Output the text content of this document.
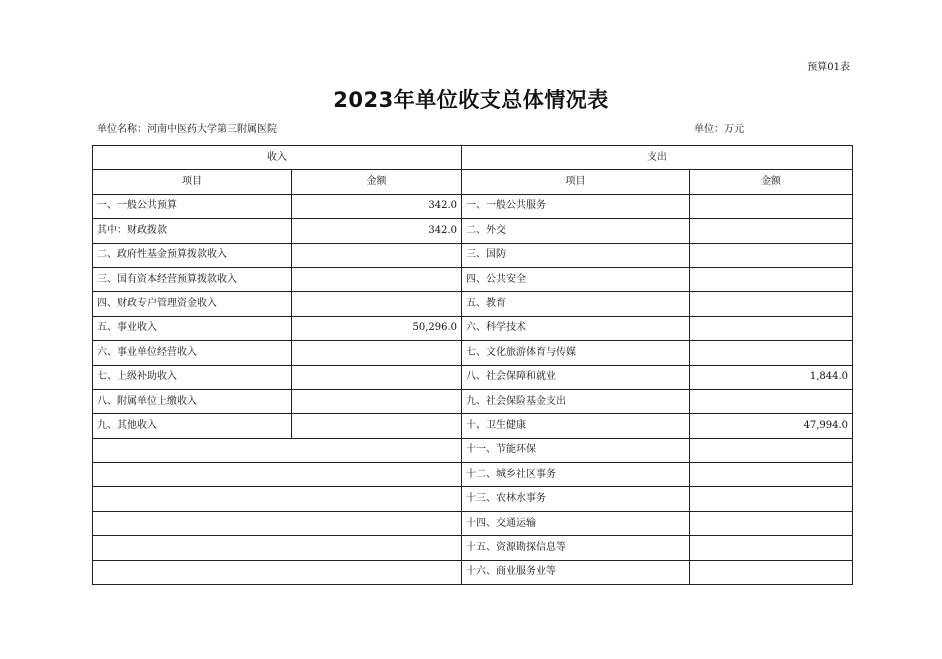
预算01表
2023年单位收支总体情况表
单位名称：河南中医药大学第三附属医院	单位：万元
收入		支出	
项目	金额	项目	金额
一、一般公共预算	342.0	一、一般公共服务	
其中：财政拨款	342.0	二、外交	
二、政府性基金预算拨款收入		三、国防	
三、国有资本经营预算拨款收入		四、公共安全	
四、财政专户管理资金收入		五、教育	
五、事业收入	50,296.0	六、科学技术	
六、事业单位经营收入		七、文化旅游体育与传媒	
七、上级补助收入		八、社会保障和就业	1,844.0
八、附属单位上缴收入		九、社会保险基金支出	
九、其他收入		十、卫生健康	47,994.0
		十一、节能环保	
		十二、城乡社区事务	
		十三、农林水事务	
		十四、交通运输	
		十五、资源勘探信息等	
		十六、商业服务业等	
